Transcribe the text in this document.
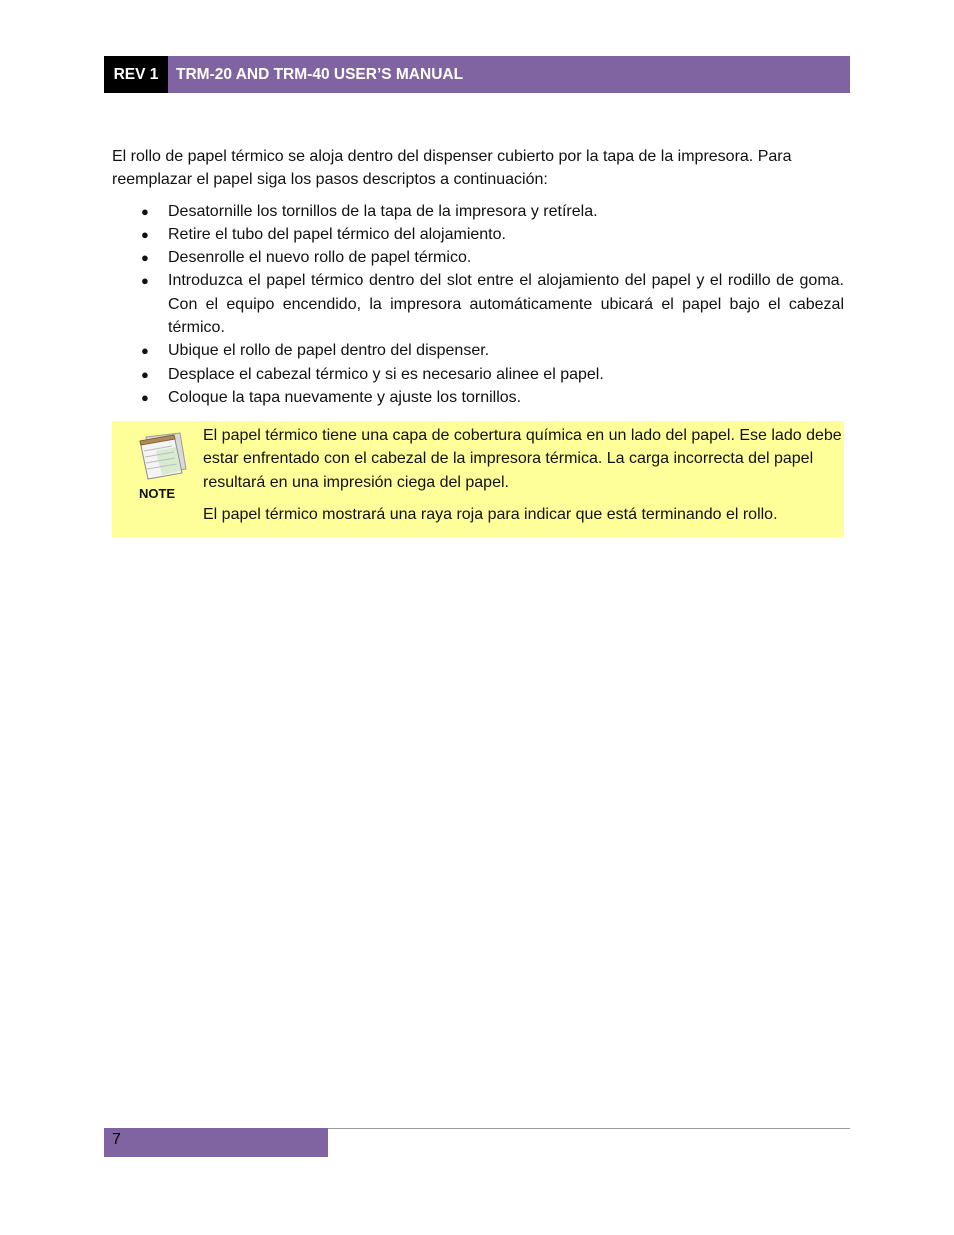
REV 1	TRM-20 AND TRM-40 USER’S MANUAL

El rollo de papel térmico se aloja dentro del dispenser cubierto por la tapa de la impresora. Para reemplazar el papel siga los pasos descriptos a continuación:

● Desatornille los tornillos de la tapa de la impresora y retírela.
● Retire el tubo del papel térmico del alojamiento.
● Desenrolle el nuevo rollo de papel térmico.
● Introduzca el papel térmico dentro del slot entre el alojamiento del papel y el rodillo de goma. Con el equipo encendido, la impresora automáticamente ubicará el papel bajo el cabezal térmico.
● Ubique el rollo de papel dentro del dispenser.
● Desplace el cabezal térmico y si es necesario alinee el papel.
● Coloque la tapa nuevamente y ajuste los tornillos.
NOTE

El papel térmico tiene una capa de cobertura química en un lado del papel. Ese lado debe estar enfrentado con el cabezal de la impresora térmica. La carga incorrecta del papel resultará en una impresión ciega del papel.

El papel térmico mostrará una raya roja para indicar que está terminando el rollo.

7
